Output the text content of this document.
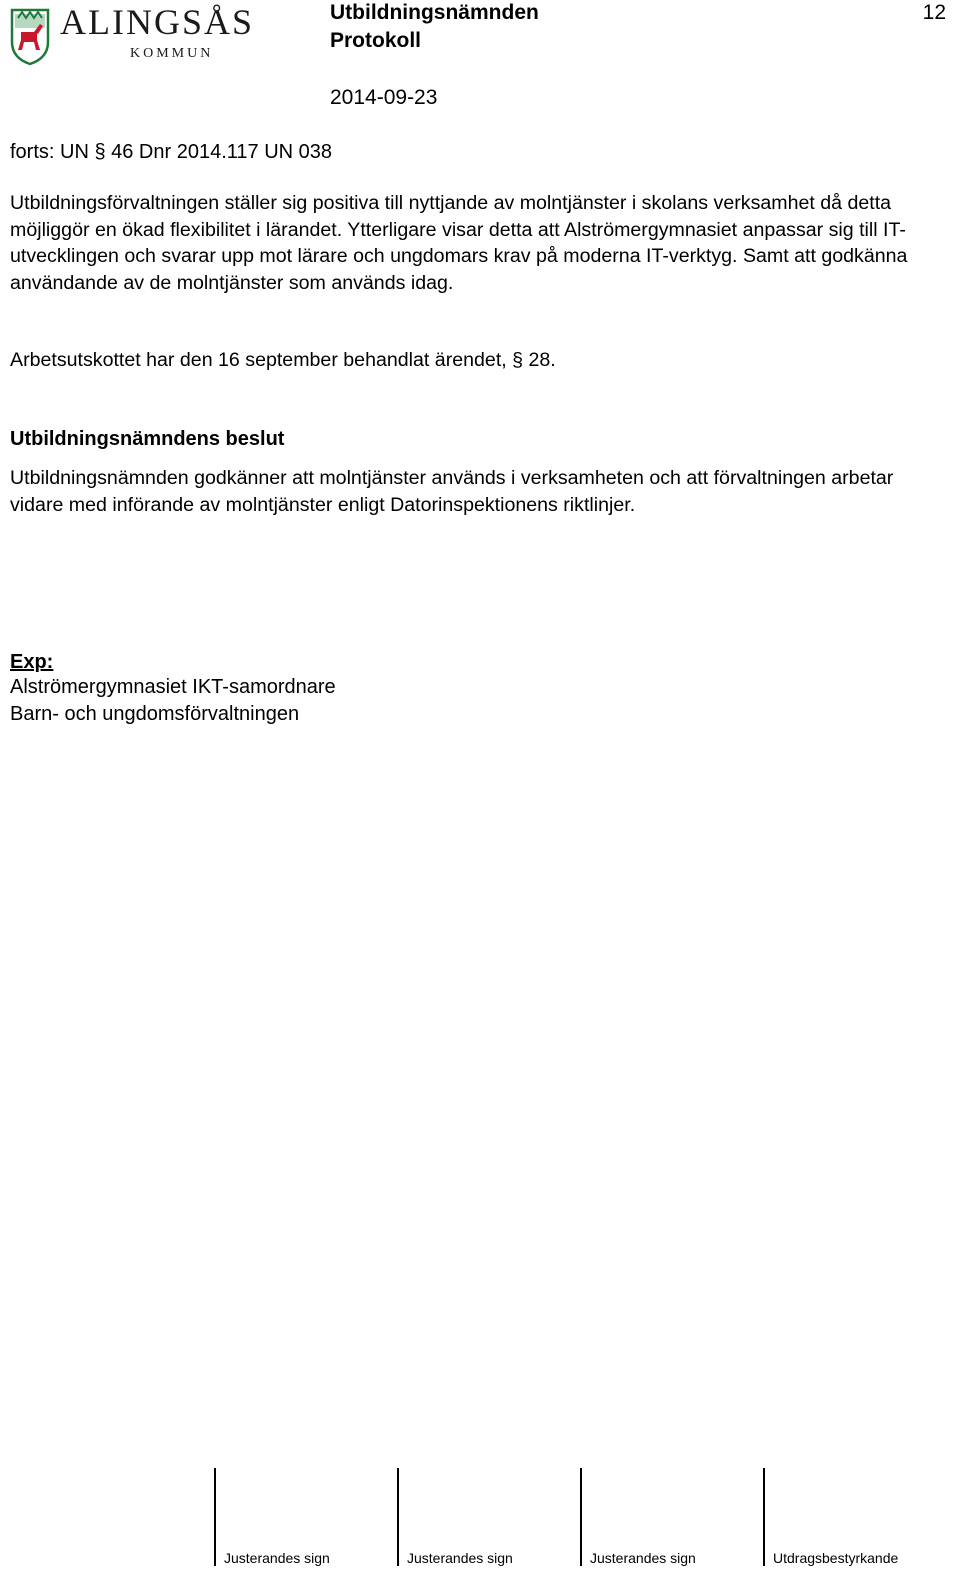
ALINGSÅS
KOMMUN
Utbildningsnämnden
Protokoll
2014-09-23
12
forts: UN § 46 Dnr 2014.117 UN 038
Utbildningsförvaltningen ställer sig positiva till nyttjande av molntjänster i skolans verksamhet då detta möjliggör en ökad flexibilitet i lärandet. Ytterligare visar detta att Alströmergymnasiet anpassar sig till IT-utvecklingen och svarar upp mot lärare och ungdomars krav på moderna IT-verktyg. Samt att godkänna användande av de molntjänster som används idag.
Arbetsutskottet har den 16 september behandlat ärendet, § 28.
Utbildningsnämndens beslut
Utbildningsnämnden godkänner att molntjänster används i verksamheten och att förvaltningen arbetar vidare med införande av molntjänster enligt Datorinspektionens riktlinjer.
Exp:
Alströmergymnasiet IKT-samordnare
Barn- och ungdomsförvaltningen
Justerandes sign	Justerandes sign	Justerandes sign	Utdragsbestyrkande
